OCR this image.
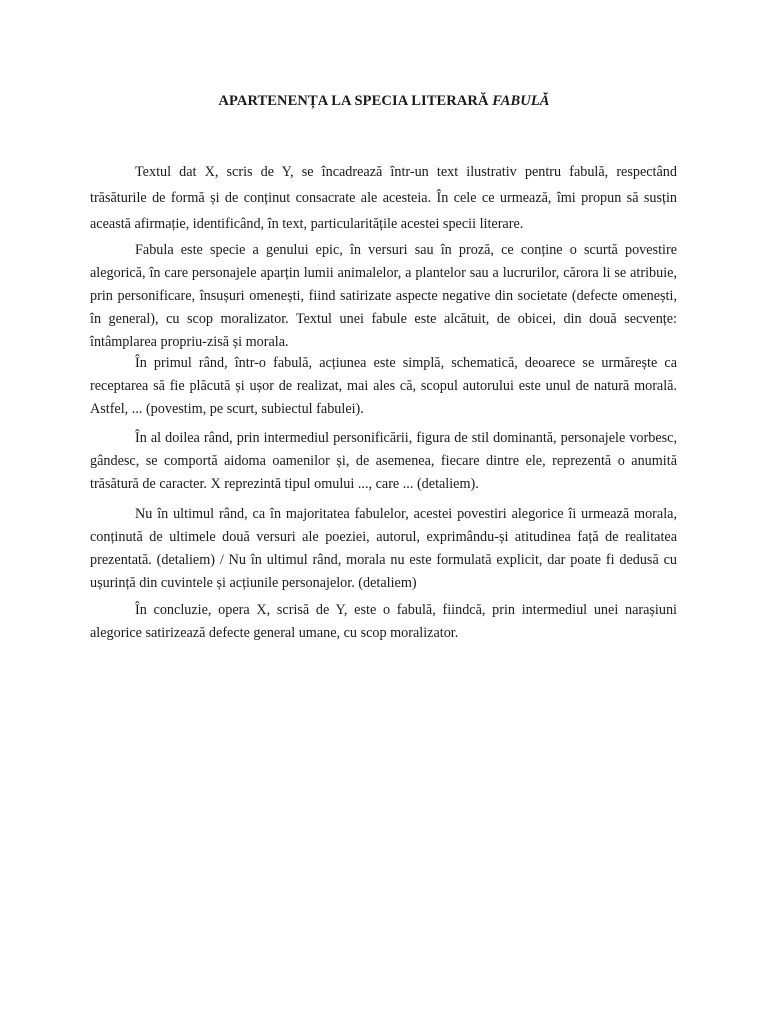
APARTENENȚA LA SPECIA LITERARĂ FABULĂ

Textul dat X, scris de Y, se încadrează într-un text ilustrativ pentru fabulă, respectând trăsăturile de formă și de conținut consacrate ale acesteia. În cele ce urmează, îmi propun să susțin această afirmație, identificând, în text, particularitățile acestei specii literare.

Fabula este specie a genului epic, în versuri sau în proză, ce conține o scurtă povestire alegorică, în care personajele aparțin lumii animalelor, a plantelor sau a lucrurilor, cărora li se atribuie, prin personificare, însușuri omenești, fiind satirizate aspecte negative din societate (defecte omenești, în general), cu scop moralizator. Textul unei fabule este alcătuit, de obicei, din două secvențe: întâmplarea propriu-zisă și morala.

În primul rând, într-o fabulă, acțiunea este simplă, schematică, deoarece se urmărește ca receptarea să fie plăcută și ușor de realizat, mai ales că, scopul autorului este unul de natură morală. Astfel, ... (povestim, pe scurt, subiectul fabulei).

În al doilea rând, prin intermediul personificării, figura de stil dominantă, personajele vorbesc, gândesc, se comportă aidoma oamenilor și, de asemenea, fiecare dintre ele, reprezentă o anumită trăsătură de caracter. X reprezintă tipul omului ..., care ... (detaliem).

Nu în ultimul rând, ca în majoritatea fabulelor, acestei povestiri alegorice îi urmează morala, conținută de ultimele două versuri ale poeziei, autorul, exprimându-și atitudinea față de realitatea prezentată. (detaliem) / Nu în ultimul rând, morala nu este formulată explicit, dar poate fi dedusă cu ușurință din cuvintele și acțiunile personajelor. (detaliem)

În concluzie, opera X, scrisă de Y, este o fabulă, fiindcă, prin intermediul unei narașiuni alegorice satirizează defecte general umane, cu scop moralizator.
